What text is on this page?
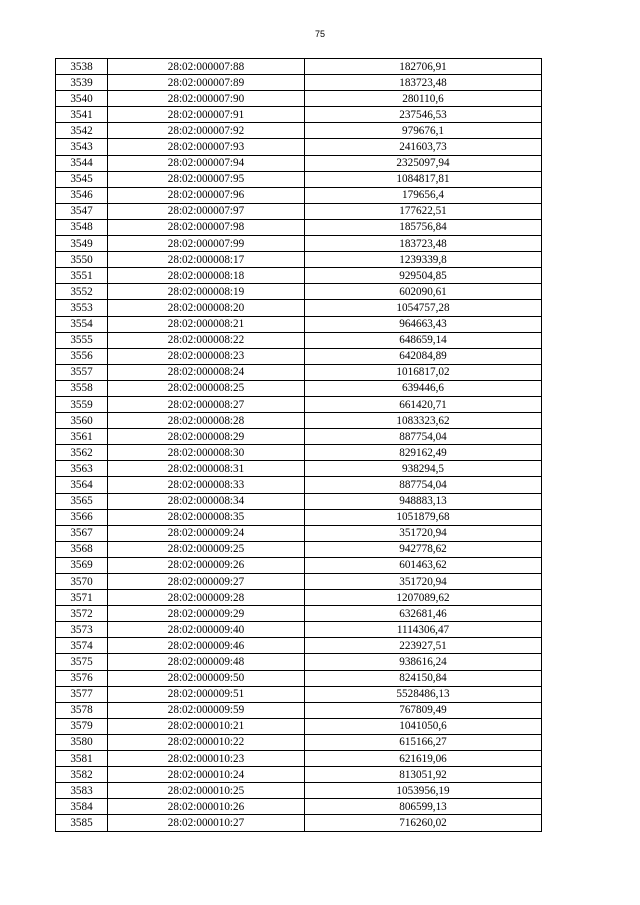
75
3538	28:02:000007:88	182706,91
3539	28:02:000007:89	183723,48
3540	28:02:000007:90	280110,6
3541	28:02:000007:91	237546,53
3542	28:02:000007:92	979676,1
3543	28:02:000007:93	241603,73
3544	28:02:000007:94	2325097,94
3545	28:02:000007:95	1084817,81
3546	28:02:000007:96	179656,4
3547	28:02:000007:97	177622,51
3548	28:02:000007:98	185756,84
3549	28:02:000007:99	183723,48
3550	28:02:000008:17	1239339,8
3551	28:02:000008:18	929504,85
3552	28:02:000008:19	602090,61
3553	28:02:000008:20	1054757,28
3554	28:02:000008:21	964663,43
3555	28:02:000008:22	648659,14
3556	28:02:000008:23	642084,89
3557	28:02:000008:24	1016817,02
3558	28:02:000008:25	639446,6
3559	28:02:000008:27	661420,71
3560	28:02:000008:28	1083323,62
3561	28:02:000008:29	887754,04
3562	28:02:000008:30	829162,49
3563	28:02:000008:31	938294,5
3564	28:02:000008:33	887754,04
3565	28:02:000008:34	948883,13
3566	28:02:000008:35	1051879,68
3567	28:02:000009:24	351720,94
3568	28:02:000009:25	942778,62
3569	28:02:000009:26	601463,62
3570	28:02:000009:27	351720,94
3571	28:02:000009:28	1207089,62
3572	28:02:000009:29	632681,46
3573	28:02:000009:40	1114306,47
3574	28:02:000009:46	223927,51
3575	28:02:000009:48	938616,24
3576	28:02:000009:50	824150,84
3577	28:02:000009:51	5528486,13
3578	28:02:000009:59	767809,49
3579	28:02:000010:21	1041050,6
3580	28:02:000010:22	615166,27
3581	28:02:000010:23	621619,06
3582	28:02:000010:24	813051,92
3583	28:02:000010:25	1053956,19
3584	28:02:000010:26	806599,13
3585	28:02:000010:27	716260,02
